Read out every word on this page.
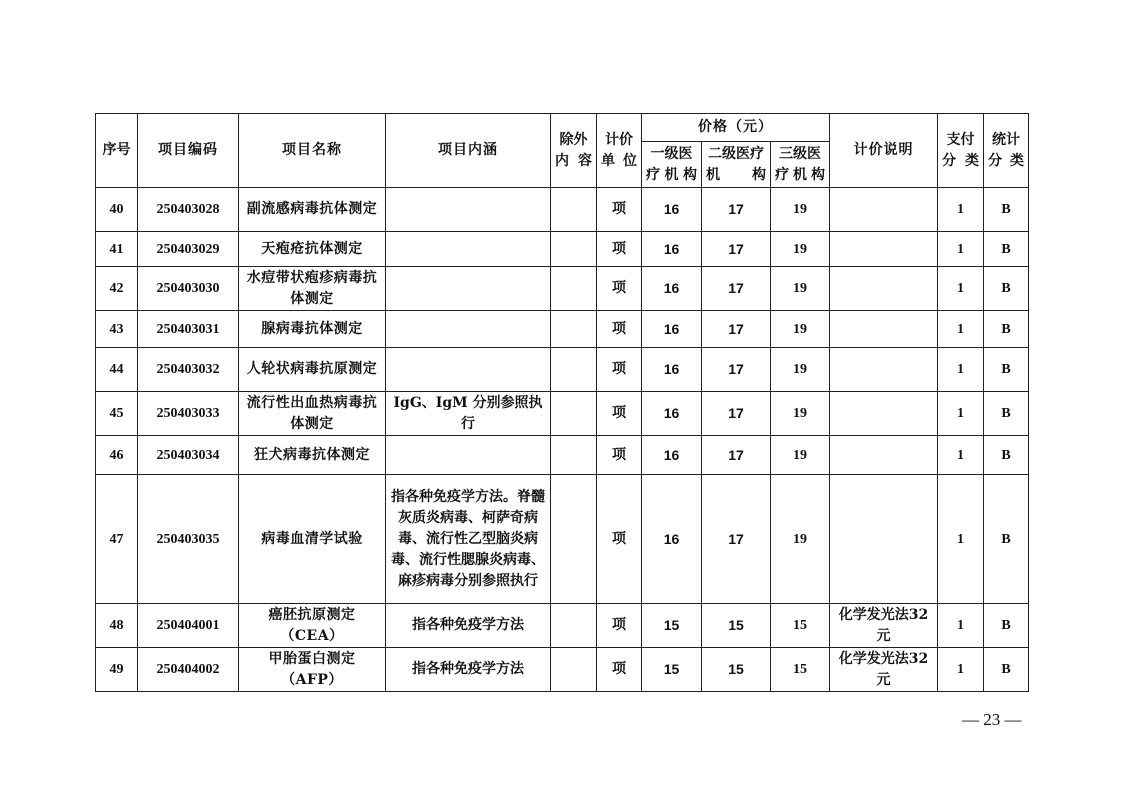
序号	项目编码	项目名称	项目内涵	除外内容	计价单位	价格（元）			计价说明	支付分类	统计分类
						一级医疗机构	二级医疗机构	三级医疗机构			
40	250403028	副流感病毒抗体测定			项	16	17	19		1	B
41	250403029	天疱疮抗体测定			项	16	17	19		1	B
42	250403030	水痘带状疱疹病毒抗体测定			项	16	17	19		1	B
43	250403031	腺病毒抗体测定			项	16	17	19		1	B
44	250403032	人轮状病毒抗原测定			项	16	17	19		1	B
45	250403033	流行性出血热病毒抗体测定	IgG、IgM 分别参照执行		项	16	17	19		1	B
46	250403034	狂犬病毒抗体测定			项	16	17	19		1	B
47	250403035	病毒血清学试验	指各种免疫学方法。脊髓灰质炎病毒、柯萨奇病毒、流行性乙型脑炎病毒、流行性腮腺炎病毒、麻疹病毒分别参照执行		项	16	17	19		1	B
48	250404001	癌胚抗原测定（CEA）	指各种免疫学方法		项	15	15	15	化学发光法32元	1	B
49	250404002	甲胎蛋白测定（AFP）	指各种免疫学方法		项	15	15	15	化学发光法32元	1	B
— 23 —
